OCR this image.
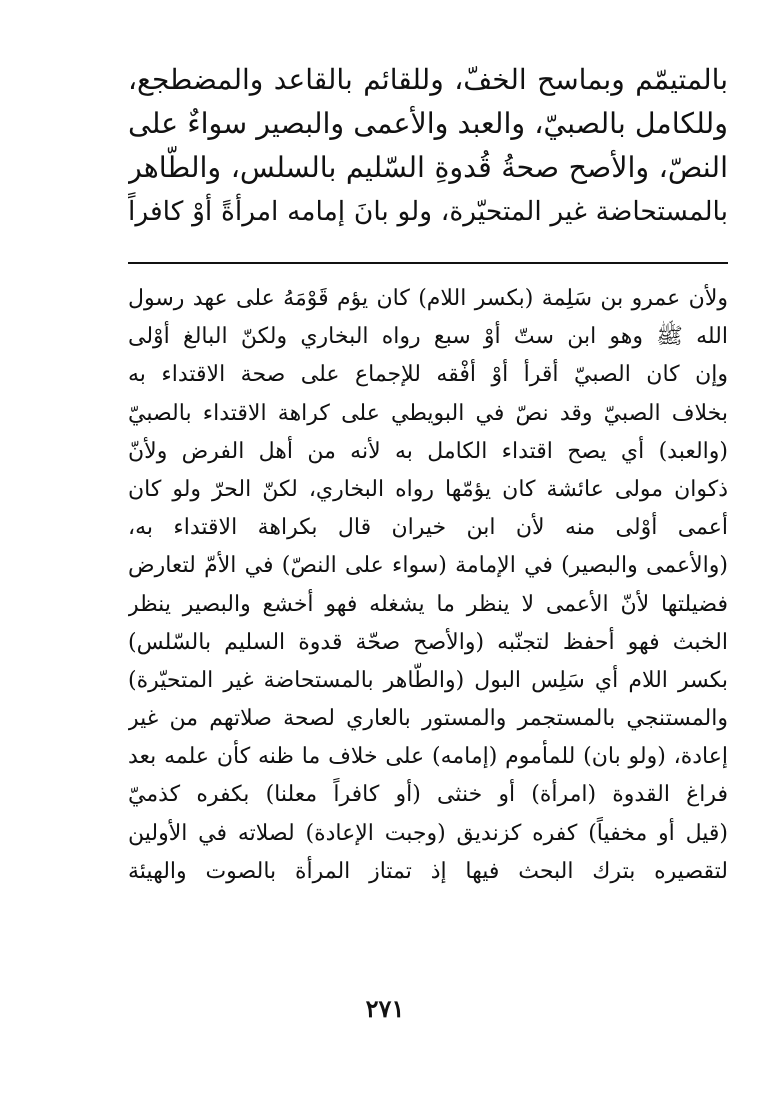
بالمتيمّم وبماسح الخفّ، وللقائم بالقاعد والمضطجع،
وللكامل بالصبيّ، والعبد والأعمى والبصير سواءٌ على
النصّ، والأصح صحةُ قُدوةِ السّليم بالسلس، والطّاهر
بالمستحاضة غير المتحيّرة، ولو بانَ إمامه امرأةً أوْ كافراً
ولأن عمرو بن سَلِمة (بكسر اللام) كان يؤم قَوْمَهُ على عهد رسول
الله ﷺ وهو ابن ستّ أوْ سبع رواه البخاري ولكنّ البالغ أوْلى
وإن كان الصبيّ أقرأ أوْ أفْقه للإجماع على صحة الاقتداء به
بخلاف الصبيّ وقد نصّ في البويطي على كراهة الاقتداء بالصبيّ
(والعبد) أي يصح اقتداء الكامل به لأنه من أهل الفرض ولأنّ
ذكوان مولى عائشة كان يؤمّها رواه البخاري، لكنّ الحرّ ولو كان
أعمى أوْلى منه لأن ابن خيران قال بكراهة الاقتداء به،
(والأعمى والبصير) في الإمامة (سواء على النصّ) في الأمّ لتعارض
فضيلتها لأنّ الأعمى لا ينظر ما يشغله فهو أخشع والبصير ينظر
الخبث فهو أحفظ لتجنّبه (والأصح صحّة قدوة السليم بالسّلس)
بكسر اللام أي سَلِس البول (والطّاهر بالمستحاضة غير المتحيّرة)
والمستنجي بالمستجمر والمستور بالعاري لصحة صلاتهم من غير
إعادة، (ولو بان) للمأموم (إمامه) على خلاف ما ظنه كأن علمه بعد
فراغ القدوة (امرأة) أو خنثى (أو كافراً معلنا) بكفره كذميّ
(قيل أو مخفياً) كفره كزنديق (وجبت الإعادة) لصلاته في الأولين
لتقصيره بترك البحث فيها إذ تمتاز المرأة بالصوت والهيئة
٢٧١
